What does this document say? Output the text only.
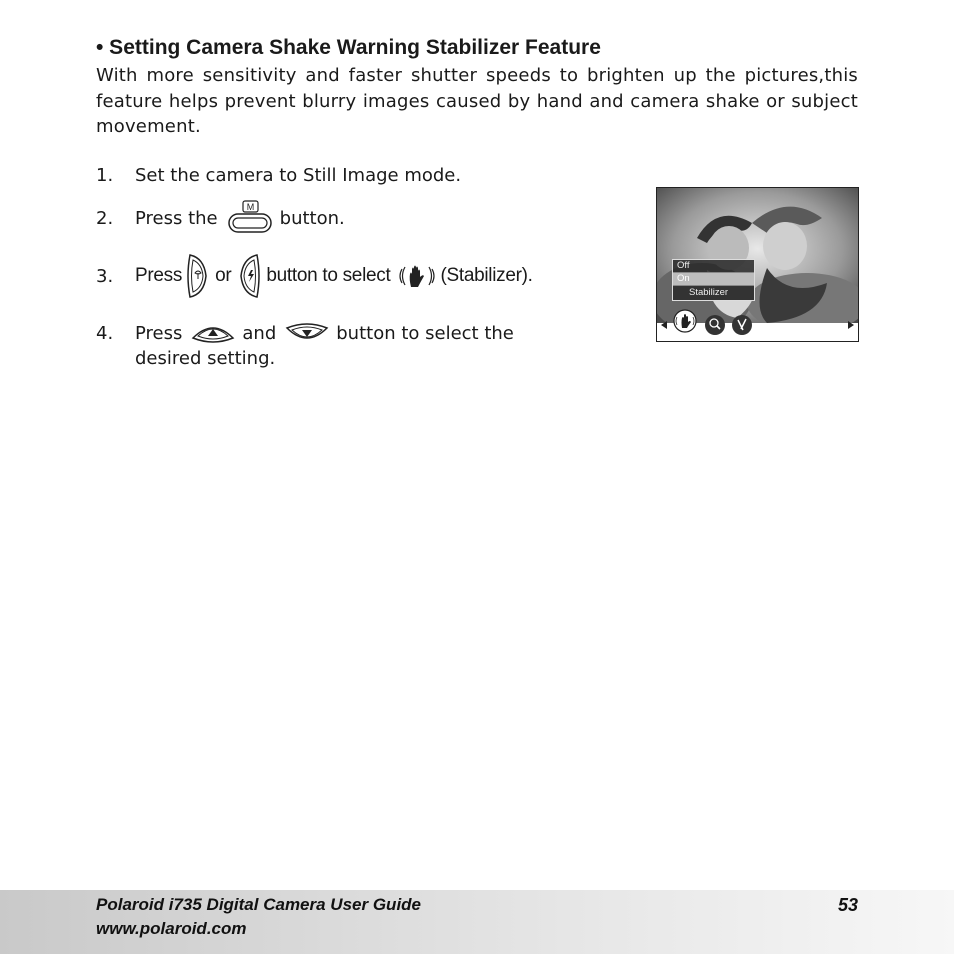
• Setting Camera Shake Warning Stabilizer Feature
With more sensitivity and faster shutter speeds to brighten up the pictures,this feature helps prevent blurry images caused by hand and camera shake or subject movement.
1.	Set the camera to Still Image mode.
2.	Press the
M
button.
3.	Press or button to select	(Stabilizer).
4.	Press	and	button to select the
desired setting.
Off
On
Stabilizer
Polaroid i735 Digital Camera User Guide
www.polaroid.com
53
